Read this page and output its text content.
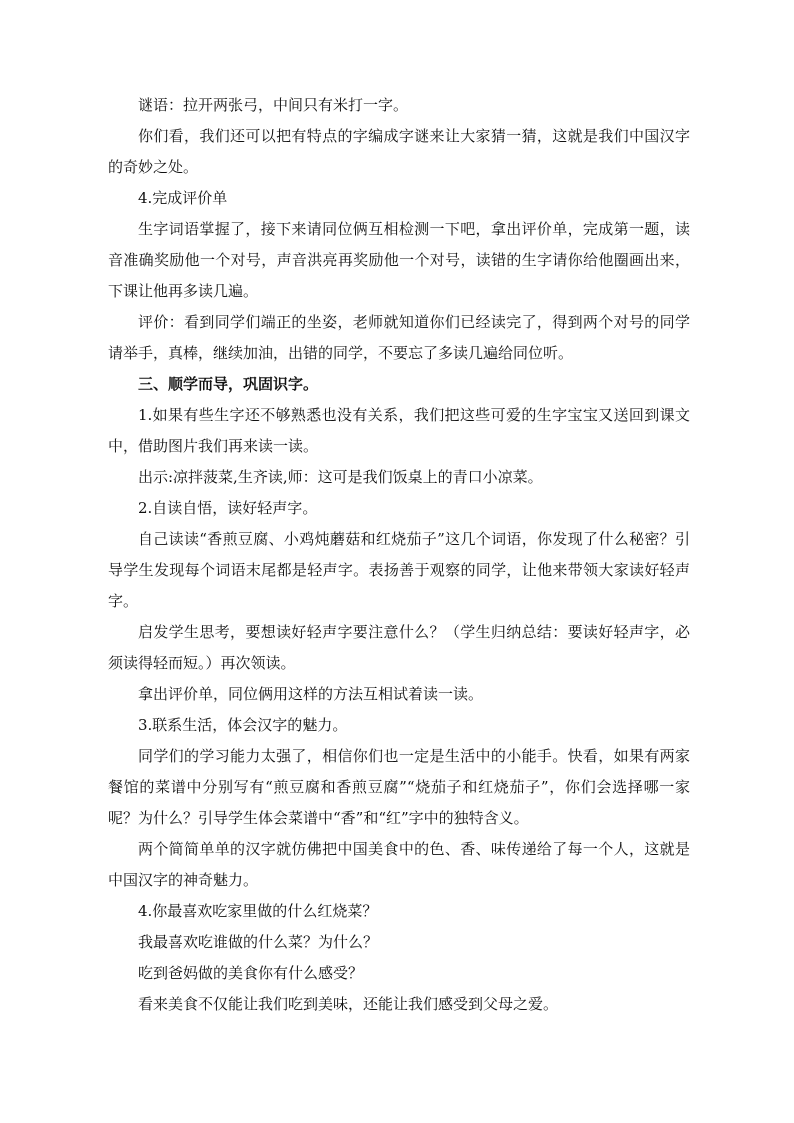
谜语：拉开两张弓，中间只有米打一字。

你们看，我们还可以把有特点的字编成字谜来让大家猜一猜，这就是我们中国汉字的奇妙之处。

4.完成评价单

生字词语掌握了，接下来请同位俩互相检测一下吧，拿出评价单，完成第一题，读音准确奖励他一个对号，声音洪亮再奖励他一个对号，读错的生字请你给他圈画出来，下课让他再多读几遍。

评价：看到同学们端正的坐姿，老师就知道你们已经读完了，得到两个对号的同学请举手，真棒，继续加油，出错的同学，不要忘了多读几遍给同位听。

三、顺学而导，巩固识字。

1.如果有些生字还不够熟悉也没有关系，我们把这些可爱的生字宝宝又送回到课文中，借助图片我们再来读一读。

出示:凉拌菠菜,生齐读,师：这可是我们饭桌上的青口小凉菜。

2.自读自悟，读好轻声字。

自己读读“香煎豆腐、小鸡炖蘑菇和红烧茄子”这几个词语，你发现了什么秘密？引导学生发现每个词语末尾都是轻声字。表扬善于观察的同学，让他来带领大家读好轻声字。

启发学生思考，要想读好轻声字要注意什么？（学生归纳总结：要读好轻声字，必须读得轻而短。）再次领读。

拿出评价单，同位俩用这样的方法互相试着读一读。

3.联系生活，体会汉字的魅力。

同学们的学习能力太强了，相信你们也一定是生活中的小能手。快看，如果有两家餐馆的菜谱中分别写有“煎豆腐和香煎豆腐”“烧茄子和红烧茄子”，你们会选择哪一家呢？为什么？引导学生体会菜谱中“香”和“红”字中的独特含义。

两个简简单单的汉字就仿佛把中国美食中的色、香、味传递给了每一个人，这就是中国汉字的神奇魅力。

4.你最喜欢吃家里做的什么红烧菜？

我最喜欢吃谁做的什么菜？为什么？

吃到爸妈做的美食你有什么感受？

看来美食不仅能让我们吃到美味，还能让我们感受到父母之爱。
